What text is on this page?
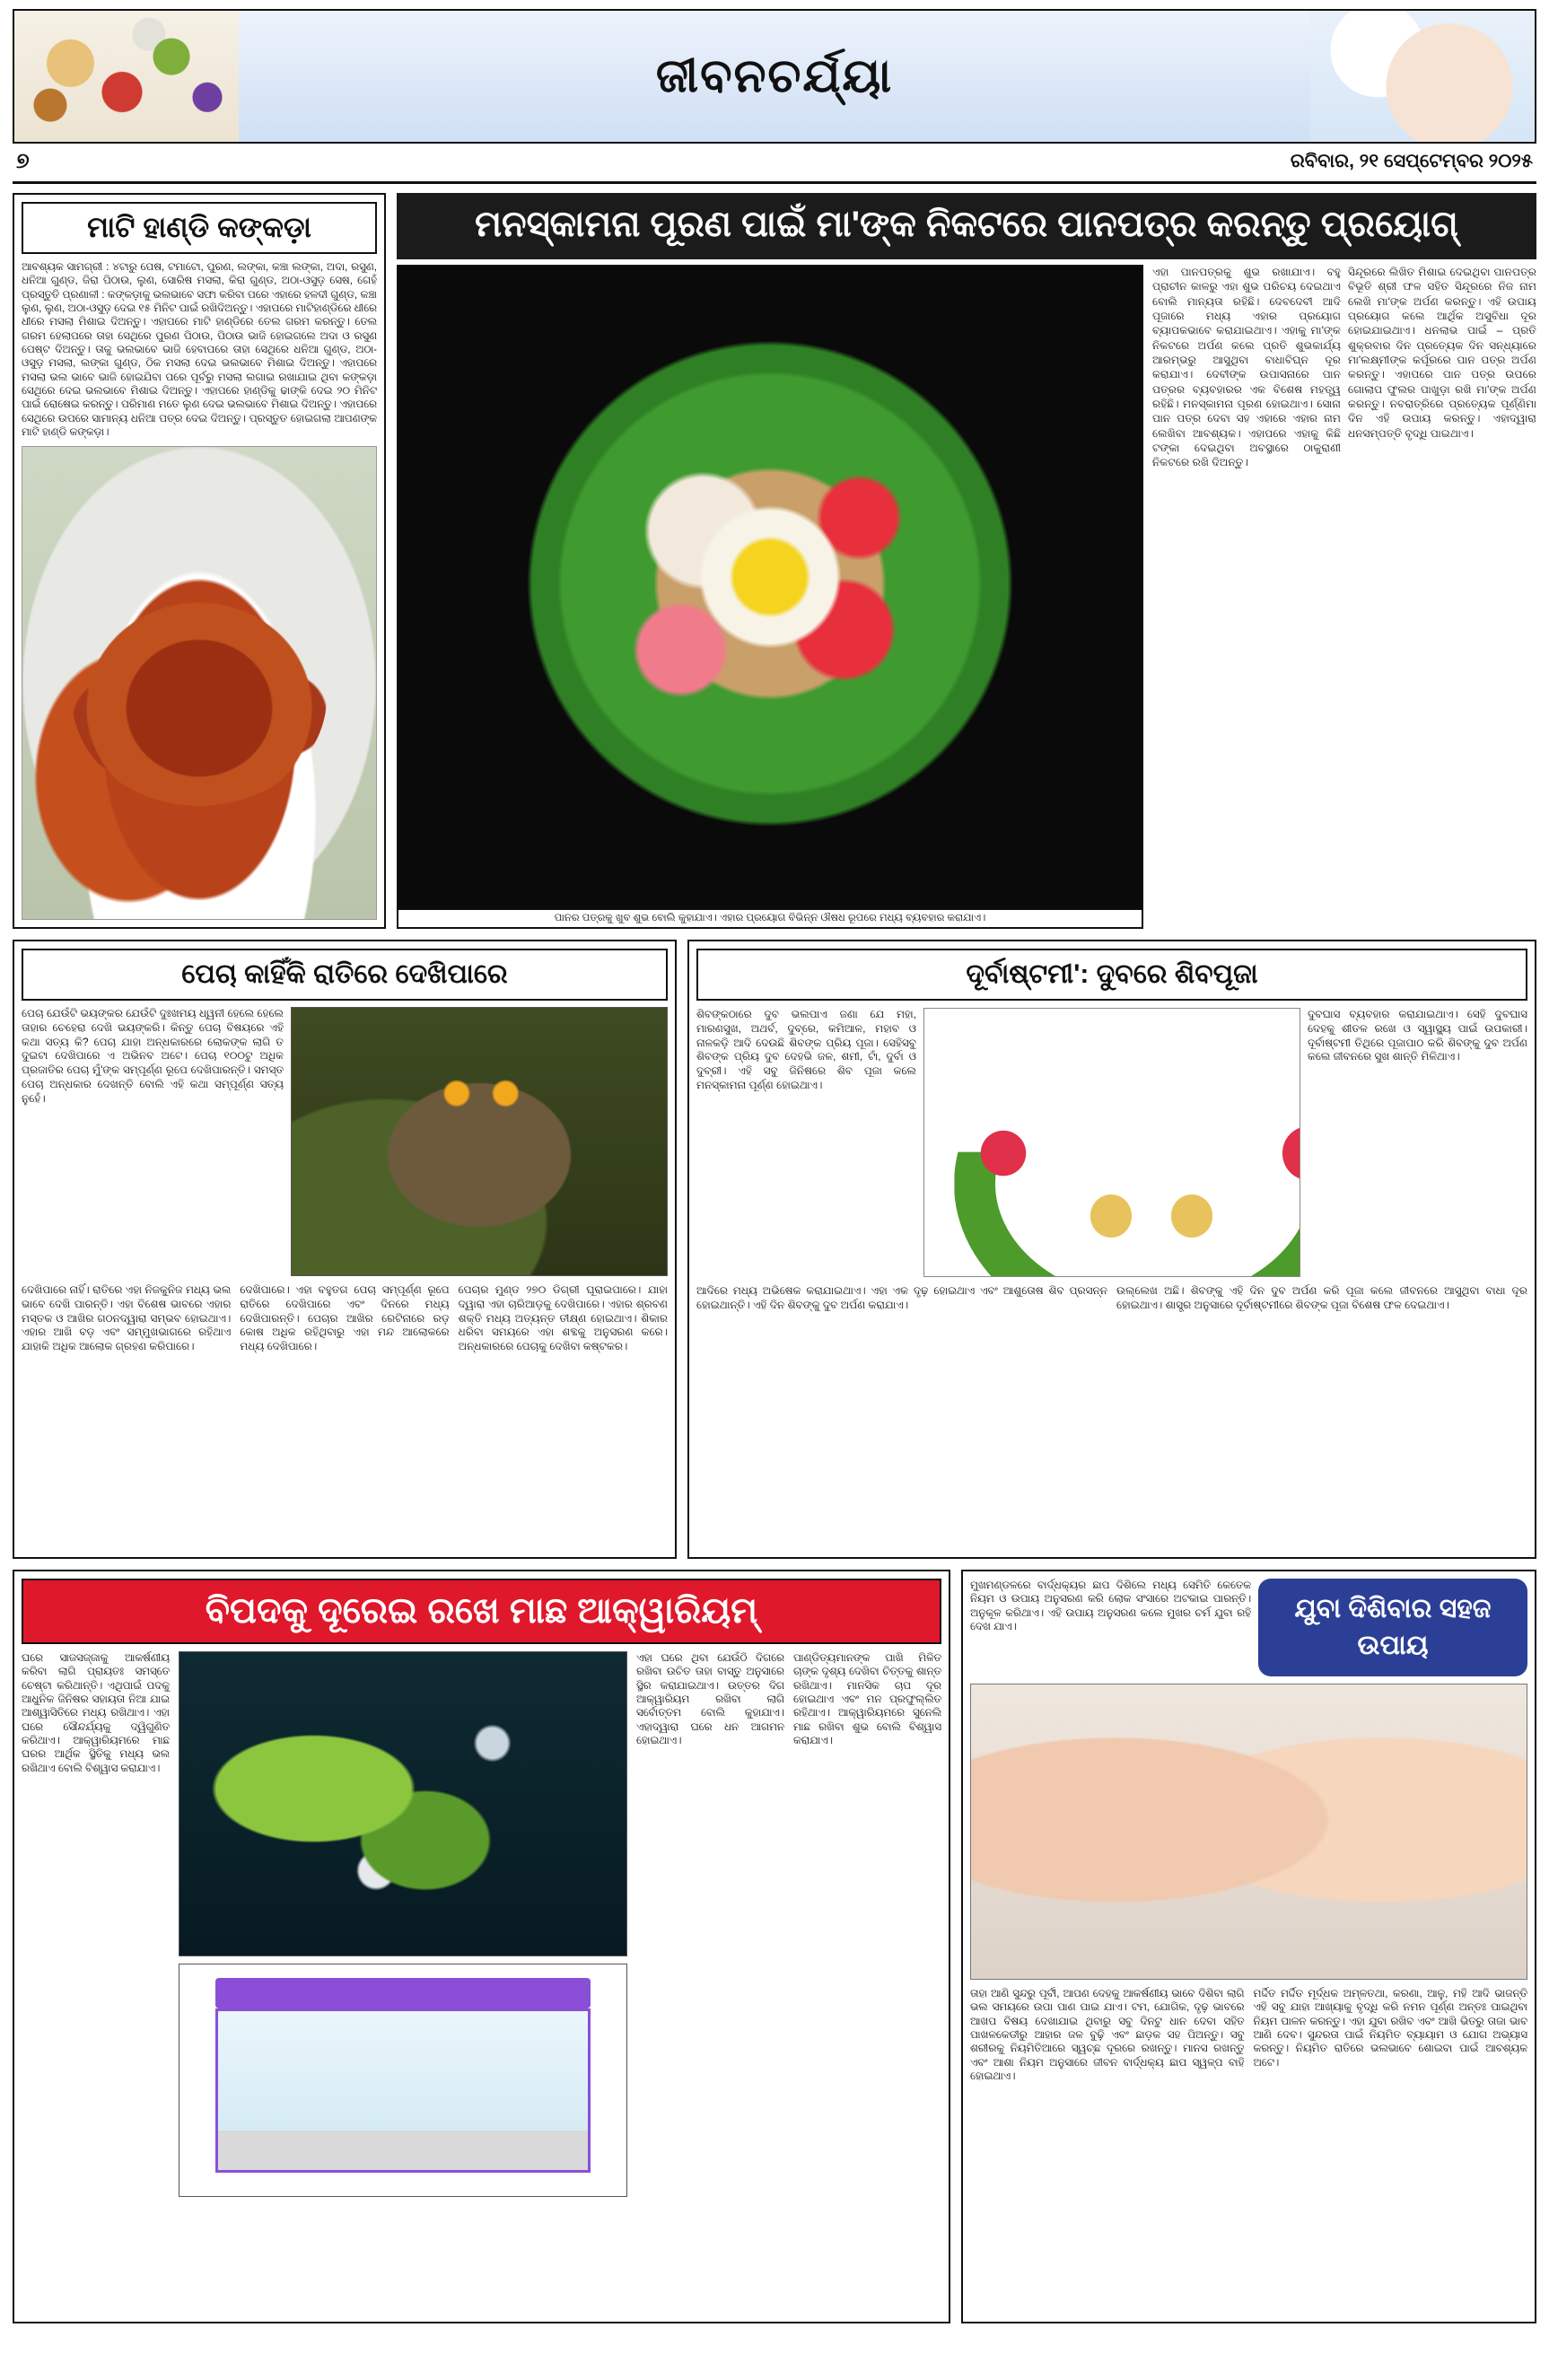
ଜୀବନଚର୍ଯ୍ୟା
୭	ରବିବାର, ୨୧ ସେପ୍ଟେମ୍ବର ୨୦୨୫
ମାଟି ହାଣ୍ଡି କଙ୍କଡ଼ା
ଆବଶ୍ୟକ ସାମଗ୍ରୀ : ୪ଟାରୁ ପେଷ, ଟମାଟୋ, ପୁରଣ, ଲଙ୍କା, କଞ୍ଚା ଲଙ୍କା, ଅଦା, ରସୁଣ, ଧନିଆ ଗୁଣ୍ଡ, ଜିରା ପିଠାଉ, ଲୁଣ, ସୋରିଷ ମସଲା, କିରା ଗୁଣ୍ଡ, ଅଠା-ଓସୁଡ଼ ସେଷ, ଗେହଁ ପ୍ରସ୍ତୁତି ପ୍ରଣାଳୀ : କଙ୍କଡ଼ାକୁ ଭଲଭାବେ ସଫା କରିବା ପରେ ଏହାରେ ହଳଦୀ ଗୁଣ୍ଡ, କଞ୍ଚା ଲୁଣ, ଲୁଣ, ଅଠା-ଓସୁଡ଼ ଦେଇ ୧୫ ମିନିଟ ପାଇଁ ରଖିଦିଅନ୍ତୁ। ଏହାପରେ ମାଟିହାଣ୍ଡିରେ ଧୀରେ ଧୀରେ ମସଲା ମିଶାଇ ଦିଅନ୍ତୁ। ଏହାପରେ ମାଟି ହାଣ୍ଡିରେ ତେଲ ଗରମ କରନ୍ତୁ। ତେଲ ଗରମ ହେଲାପରେ ତାହା ସେଥିରେ ପୁରଣ ପିଠାଉ, ପିଠାଉ ଭାଜି ହୋଇଗଲେ ଅଦା ଓ ରସୁଣ ପେଷ୍ଟ ଦିଅନ୍ତୁ। ତାକୁ ଭଲଭାବେ ଭାଜି ହେବାପରେ ତାହା ସେଥିରେ ଧନିଆ ଗୁଣ୍ଡ, ଅଠା-ଓସୁଡ଼ ମସଲା, ଲଙ୍କା ଗୁଣ୍ଡ, ଠିକ ମସଲା ଦେଇ ଭଲଭାବେ ମିଶାଇ ଦିଅନ୍ତୁ। ଏହାପରେ ମସଲା ଭଲ ଭାବେ ଭାଜି ହୋଇଯିବା ପରେ ପୂର୍ବରୁ ମସଲା ଲଗାଇ ରଖାଯାଇ ଥିବା କଙ୍କଡ଼ା ସେଥିରେ ଦେଇ ଭଲଭାବେ ମିଶାଇ ଦିଅନ୍ତୁ। ଏହାପରେ ହାଣ୍ଡିକୁ ଢାଙ୍କି ଦେଇ ୨୦ ମିନିଟ ପାଇଁ ରୋଷେଇ କରନ୍ତୁ। ପରିମାଣ ମତେ ଲୁଣ ଦେଇ ଭଲଭାବେ ମିଶାଇ ଦିଅନ୍ତୁ। ଏହାପରେ ସେଥିରେ ଉପରେ ସାମାନ୍ୟ ଧନିଆ ପତ୍ର ଦେଇ ଦିଅନ୍ତୁ। ପ୍ରସ୍ତୁତ ହୋଇଗଲା ଆପଣଙ୍କ ମାଟି ହାଣ୍ଡି କଙ୍କଡ଼ା।
ମନସ୍କାମନା ପୂରଣ ପାଇଁ ମା'ଙ୍କ ନିକଟରେ ପାନପତ୍ର କରନ୍ତୁ ପ୍ରୟୋଗ୍
ପାନର ପତ୍ରକୁ ଖୁବ ଶୁଭ ବୋଲି କୁହାଯାଏ। ଏହାର ପ୍ରୟୋଗ ବିଭିନ୍ନ ଔଷଧ ରୂପରେ ମଧ୍ୟ ବ୍ୟବହାର କରାଯାଏ।
ଏହା ପାନପତ୍ରକୁ ଶୁଭ ରଖାଯାଏ। ବହୁ ପ୍ରାଚୀନ କାଳରୁ ଏହା ଶୁଭ ପରିଚୟ ଦେଇଥାଏ ବୋଲି ମାନ୍ୟତା ରହିଛି। ଦେବଦେବୀ ଆଦି ପୂଜାରେ ମଧ୍ୟ ଏହାର ପ୍ରୟୋଗ ବ୍ୟାପକଭାବେ କରାଯାଇଥାଏ। ଏହାକୁ ମା'ଙ୍କ ନିକଟରେ ଅର୍ପଣ କଲେ ପ୍ରତି ଶୁଭକାର୍ଯ୍ୟ ଆରମ୍ଭରୁ ଆସୁଥିବା ବାଧାବିଘ୍ନ ଦୂର କରାଯାଏ। ଦେବୀଙ୍କ ଉପାସନାରେ ପାନ ପତ୍ରର ବ୍ୟବହାରର ଏକ ବିଶେଷ ମହତ୍ତ୍ୱ ରହିଛି। ମନସ୍କାମନା ପୂରଣ ହୋଇଥାଏ। ସୋନା ପାନ ପତ୍ର ଦେବା ସହ ଏହାରେ ଏହାର ନାମ ଲେଖିବା ଆବଶ୍ୟକ। ଏହାପରେ ଏହାକୁ କିଛି ଟଙ୍କା ଦେଇଥିବା ଅବସ୍ଥାରେ ଠାକୁରାଣୀ ନିକଟରେ ରଖି ଦିଅନ୍ତୁ।
ସିନ୍ଦୂରରେ ଲିଖିତ ମିଶାଇ ଦେଇଥିବା ପାନପତ୍ର ବିଭୂତି ଶ୍ରୀ ଫଳ ସହିତ ସିନ୍ଦୂରରେ ନିଜ ନାମ ଲେଖି ମା'ଙ୍କ ଅର୍ପଣ କରନ୍ତୁ। ଏହି ଉପାୟ ପ୍ରୟୋଗ କଲେ ଆର୍ଥିକ ଅସୁବିଧା ଦୂର ହୋଇଯାଇଥାଏ। ଧନଲାଭ ପାଇଁ – ପ୍ରତି ଶୁକ୍ରବାର ଦିନ ପ୍ରତ୍ୟେକ ଦିନ ସନ୍ଧ୍ୟାରେ ମା'ଲକ୍ଷ୍ମୀଙ୍କ କର୍ପୂରରେ ପାନ ପତ୍ର ଅର୍ପଣ କରନ୍ତୁ। ଏହାପରେ ପାନ ପତ୍ର ଉପରେ ଗୋଲାପ ଫୁଲର ପାଖୁଡ଼ା ରଖି ମା'ଙ୍କ ଅର୍ପଣ କରନ୍ତୁ। ନବରାତ୍ରିରେ ପ୍ରତ୍ୟେକ ପୂର୍ଣ୍ଣିମା ଦିନ ଏହି ଉପାୟ କରନ୍ତୁ। ଏହାଦ୍ୱାରା ଧନସମ୍ପତ୍ତି ବୃଦ୍ଧି ପାଇଥାଏ।
ପେଚା କାହିଁକି ରାତିରେ ଦେଖିପାରେ
ପେଚା ଯେଉଁଟି ଭୟଙ୍କର ଯେଉଁଟି ଦୁଃଖମୟ ଧ୍ୱନୀ ହେଲେ ହେଲେ ତାହାର ଚେହେରା ଦେଖି ଭୟଙ୍କରି। କିନ୍ତୁ ପେଚା ବିଷୟରେ ଏହି କଥା ସତ୍ୟ କି? ପେଚା ଯାହା ଅନ୍ଧକାରରେ ଲୋକଙ୍କ ଲାଗି ତ ଦୁଇଟା ଦେଖିପାରେ ଏ ଅଭିନବ ଅଟେ। ପେଚା ୧୦୦ଟୁ ଅଧିକ ପ୍ରଜାତିର ପେଚା ମୁଁ'ଙ୍କ ସମ୍ପୂର୍ଣ୍ଣ ରୂପେ ଦେଖିପାରନ୍ତି। ସମସ୍ତ ପେଚା ଅନ୍ଧକାର ଦେଖନ୍ତି ବୋଲି ଏହି କଥା ସମ୍ପୂର୍ଣ୍ଣ ସତ୍ୟ ନୁହେଁ।
ଦେଖିପାରେ ନାହିଁ। ରାତିରେ ଏହା ନିଜକୁନିଜ ମଧ୍ୟ ଭଲ ଭାବେ ଦେଖି ପାରନ୍ତି। ଏହା ବିଶେଷ ଭାବରେ ଏହାର ମସ୍ତକ ଓ ଆଖିର ଗଠନଦ୍ୱାରା ସମ୍ଭବ ହୋଇଥାଏ। ଏହାର ଆଖି ବଡ଼ ଏବଂ ସମ୍ମୁଖଭାଗରେ ରହିଥାଏ ଯାହାକି ଅଧିକ ଆଲୋକ ଗ୍ରହଣ କରିପାରେ।
ଦେଖିପାରେ। ଏହା ବହୁତଗ ପେଚା ସମ୍ପୂର୍ଣ୍ଣ ରୂପେ ରାତିରେ ଦେଖିପାରେ ଏବଂ ଦିନରେ ମଧ୍ୟ ଦେଖିପାରନ୍ତି। ପେଚାର ଆଖିର ରେଟିନାରେ ରଡ଼ କୋଷ ଅଧିକ ରହିଥିବାରୁ ଏହା ମନ୍ଦ ଆଲୋକରେ ମଧ୍ୟ ଦେଖିପାରେ।
ପେଚାର ମୁଣ୍ଡ ୨୭୦ ଡିଗ୍ରୀ ଘୂରାଇପାରେ। ଯାହା ଦ୍ୱାରା ଏହା ଚାରିଆଡ଼କୁ ଦେଖିପାରେ। ଏହାର ଶ୍ରବଣ ଶକ୍ତି ମଧ୍ୟ ଅତ୍ୟନ୍ତ ତୀକ୍ଷ୍ଣ ହୋଇଥାଏ। ଶିକାର ଧରିବା ସମୟରେ ଏହା ଶବ୍ଦକୁ ଅନୁସରଣ କରେ। ଅନ୍ଧକାରରେ ପେଚାକୁ ଦେଖିବା କଷ୍ଟକର।
ଦୂର୍ବାଷ୍ଟମୀ': ଦୁବରେ ଶିବପୂଜା
ଶିବଙ୍କଠାରେ ଦୁବ ଭଲପାଏ ଜଣା ଯେ ମହା, ମାରଣସୁଖ, ଅଥର୍ବ, ଦୁବ୍ରେ, କମିଆଳ, ମହାବ ଓ ନାଳକଡ଼ି ଆଦି ଦେଉଛି ଶିବଙ୍କ ପ୍ରିୟ ପୂଜା। ସେହିସବୁ ଶିବଙ୍କ ପ୍ରିୟ ଦୁବ ଦେହଭି ଜଳ, ଶମୀ, ଟାଁ, ଦୁର୍ବା ଓ ଦୁବ୍ରୀ। ଏହି ସବୁ ଜିନିଷରେ ଶିବ ପୂଜା କଲେ ମନସ୍କାମନା ପୂର୍ଣ୍ଣ ହୋଇଥାଏ।
ଦୁବଘାସ ବ୍ୟବହାର କରାଯାଇଥାଏ। ସେହି ଦୁବଘାସ ଦେହକୁ ଶୀତଳ ରଖେ ଓ ସ୍ୱାସ୍ଥ୍ୟ ପାଇଁ ଉପକାରୀ। ଦୂର୍ବାଷ୍ଟମୀ ତିଥିରେ ପୂଜାପାଠ କରି ଶିବଙ୍କୁ ଦୁବ ଅର୍ପଣ କଲେ ଜୀବନରେ ସୁଖ ଶାନ୍ତି ମିଳିଥାଏ।
ଆଦିରେ ମଧ୍ୟ ଅଭିଷେକ କରାଯାଇଥାଏ। ଏହା ଏକ ଦୃଢ଼ ହୋଇଥାଏ ଏବଂ ଆଶୁତୋଷ ଶିବ ପ୍ରସନ୍ନ ହୋଇଥାନ୍ତି। ଏହି ଦିନ ଶିବଙ୍କୁ ଦୁବ ଅର୍ପଣ କରାଯାଏ।
ଉଲ୍ଲେଖ ଅଛି। ଶିବଙ୍କୁ ଏହି ଦିନ ଦୁବ ଅର୍ପଣ କରି ପୂଜା କଲେ ଜୀବନରେ ଆସୁଥିବା ବାଧା ଦୂର ହୋଇଥାଏ। ଶାସ୍ତ୍ର ଅନୁସାରେ ଦୂର୍ବାଷ୍ଟମୀରେ ଶିବଙ୍କ ପୂଜା ବିଶେଷ ଫଳ ଦେଇଥାଏ।
ବିପଦକୁ ଦୂରେଇ ରଖେ ମାଛ ଆକ୍ୱାରିୟମ୍
ଘରେ ସାଜସଜ୍ଜାକୁ ଆକର୍ଷଣୀୟ କରିବା ଲାଗି ପ୍ରାୟତଃ ସମସ୍ତେ ଚେଷ୍ଟା କରିଥାନ୍ତି। ଏଥିପାଇଁ ପଦକୁ ଆଧୁନିକ ଜିନିଷର ସହାୟତା ନିଆ ଯାଇ ଆଶ୍ୱାସିତିରେ ମଧ୍ୟ ରଖିଥାଏ। ଏହା ଘରେ ସୌନ୍ଦର୍ଯ୍ୟକୁ ଦ୍ୱିଗୁଣିତ କରିଥାଏ। ଆକ୍ୱାରିୟମରେ ମାଛ ଘରର ଆର୍ଥିକ ସ୍ଥିତିକୁ ମଧ୍ୟ ଭଲ ରଖିଥାଏ ବୋଲି ବିଶ୍ୱାସ କରାଯାଏ।
ଏହା ଘରେ ଥିବା ଯେଉଁଠି ଦିଗରେ ରଖିବା ଉଚିତ ତାହା ବାସ୍ତୁ ଅନୁସାରେ ସ୍ଥିର କରାଯାଇଥାଏ। ଉତ୍ତର ଦିଗ ଆକ୍ୱାରିୟମ ରଖିବା ଲାଗି ସର୍ବୋତ୍ତମ ବୋଲି କୁହାଯାଏ। ଏହାଦ୍ୱାରା ଘରେ ଧନ ଆଗମନ ହୋଇଥାଏ।
ପାଣ୍ଡିତ୍ୟମାନଙ୍କ ପାଖି ମିଳିତ ଚାଙ୍କ ଦୃଶ୍ୟ ଦେଖିବା ଚିତ୍ତକୁ ଶାନ୍ତ ରଖିଥାଏ। ମାନସିକ ଚାପ ଦୂର ହୋଇଥାଏ ଏବଂ ମନ ପ୍ରଫୁଲ୍ଲିତ ରହିଥାଏ। ଆକ୍ୱାରିୟମରେ ସୁନେଲି ମାଛ ରଖିବା ଶୁଭ ବୋଲି ବିଶ୍ୱାସ କରାଯାଏ।
ମୁଖମଣ୍ଡଳରେ ବାର୍ଦ୍ଧକ୍ୟର ଛାପ ଦିଶିଲେ ମଧ୍ୟ ସେମିତି କେତେକ ନିୟମ ଓ ଉପାୟ ଅନୁସରଣ କରି ଲୋକ ସଂସାରେ ଅଟକାଇ ପାରନ୍ତି। ଅନୁକୂଳ କରିଥାଏ। ଏହି ଉପାୟ ଅନୁସରଣ କଲେ ମୁଖର ଚର୍ମ ଯୁବା ରହି ଦେଖ ଯାଏ।
ଯୁବା ଦିଶିବାର ସହଜ ଉପାୟ
ତାହା ଆଣି ସୁନ୍ଦରୁ ପୂର୍ବୀ, ଆପଣ ଦେହକୁ ଆକର୍ଷଣୀୟ ଭାବେ ଦିଶିବା ଲାଗି ଭଲ ସମୟରେ ଉପା ପାଣ ପାଇ ଯାଏ। ଟମ, ଯୋଗିକ, ଦୃଢ଼ ଭାବରେ ଆଖପ ବିଷୟ ଦେଖାଯାଇ ଥିବାରୁ ସବୁ ଦିନଟୁ ଧାନ ଦେବା ସହିତ ପାଖଳକେଡୀରୁ ଆହାର ଜଳ ବୁଢ଼ି ଏବଂ ଛାଡ଼କ ସହ ପିଅନ୍ତୁ। ସବୁ ଶରୀରକୁ ନିୟମିତିଆରେ ସ୍ୱଚ୍ଛ ଦୂରରେ ରଖନ୍ତୁ। ମାନସ ରଖନ୍ତୁ ଏବଂ ଆଶା ନିୟମ ଅନୁସାରେ ଜୀବନ ବାର୍ଦ୍ଧକ୍ୟ ଛାପ ସ୍ୱଳ୍ପ ବାହି ହୋଇଥାଏ।
ମର୍ଦ୍ଦିତ ମର୍ଦ୍ଦିତ ମୂର୍ଦ୍ଧକ ଅମ୍ଳତଥା, କରଣା, ଆଳୁ, ମହି ଆଦି ଭାଜନ୍ତି ଏହି ସବୁ ଯାହା ଆଖ୍ୟାକୁ ବୃଦ୍ଧି କରି ନମନ ପୂର୍ଣ୍ଣ ଅନ୍ତଃ ପାଇଥିବା ନିୟମ ପାଳନ କରନ୍ତୁ। ଏହା ଯୁବା ରଖିବ ଏବଂ ଆଖି ଭିତରୁ ତାଜା ଭାବ ଆଣି ଦେବ। ସୁନ୍ଦରତା ପାଇଁ ନିୟମିତ ବ୍ୟାୟାମ ଓ ଯୋଗ ଅଭ୍ୟାସ କରନ୍ତୁ। ନିୟମିତ ରାତିରେ ଭଲଭାବେ ଶୋଇବା ପାଇଁ ଆବଶ୍ୟକ ଅଟେ।
